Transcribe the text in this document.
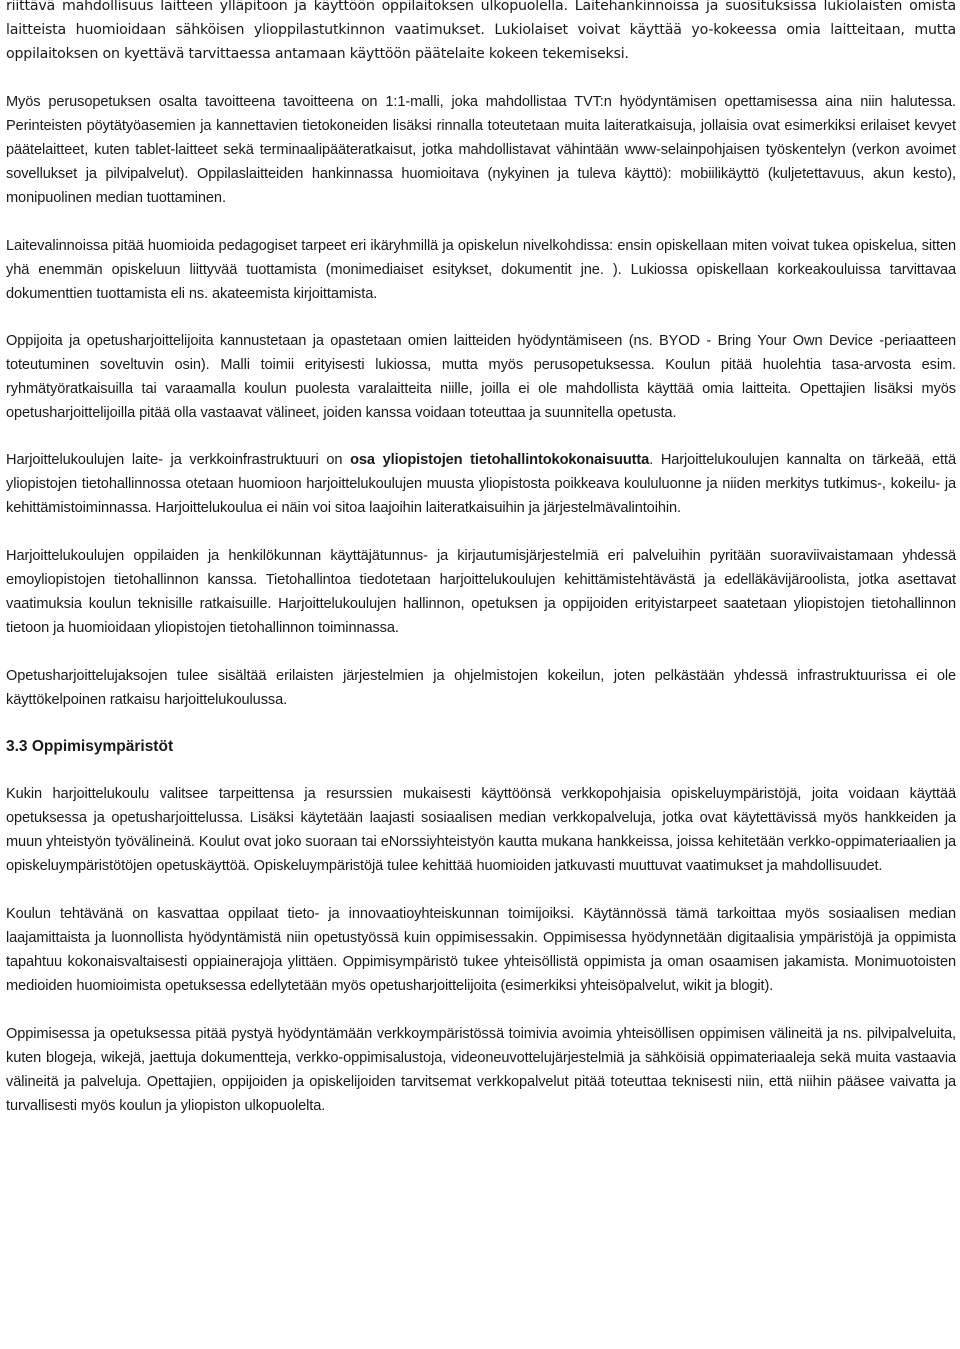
riittävä mahdollisuus laitteen ylläpitoon ja käyttöön oppilaitoksen ulkopuolella. Laitehankinnoissa ja suosituksissa lukiolaisten omista laitteista huomioidaan sähköisen ylioppilastutkinnon vaatimukset. Lukiolaiset voivat käyttää yo-kokeessa omia laitteitaan, mutta oppilaitoksen on kyettävä tarvittaessa antamaan käyttöön päätelaite kokeen tekemiseksi.

Myös perusopetuksen osalta tavoitteena tavoitteena on 1:1-malli, joka mahdollistaa TVT:n hyödyntämisen opettamisessa aina niin halutessa. Perinteisten pöytätyöasemien ja kannettavien tietokoneiden lisäksi rinnalla toteutetaan muita laiteratkaisuja, jollaisia ovat esimerkiksi erilaiset kevyet päätelaitteet, kuten tablet-laitteet sekä terminaalipääteratkaisut, jotka mahdollistavat vähintään www-selainpohjaisen työskentelyn (verkon avoimet sovellukset ja pilvipalvelut). Oppilaslaitteiden hankinnassa huomioitava (nykyinen ja tuleva käyttö): mobiilikäyttö (kuljetettavuus, akun kesto), monipuolinen median tuottaminen.

Laitevalinnoissa pitää huomioida pedagogiset tarpeet eri ikäryhmillä ja opiskelun nivelkohdissa: ensin opiskellaan miten voivat tukea opiskelua, sitten yhä enemmän opiskeluun liittyvää tuottamista (monimediaiset esitykset, dokumentit jne. ). Lukiossa opiskellaan korkeakouluissa tarvittavaa dokumenttien tuottamista eli ns. akateemista kirjoittamista.

Oppijoita ja opetusharjoittelijoita kannustetaan ja opastetaan omien laitteiden hyödyntämiseen (ns. BYOD - Bring Your Own Device -periaatteen toteutuminen soveltuvin osin). Malli toimii erityisesti lukiossa, mutta myös perusopetuksessa. Koulun pitää huolehtia tasa-arvosta esim. ryhmätyöratkaisuilla tai varaamalla koulun puolesta varalaitteita niille, joilla ei ole mahdollista käyttää omia laitteita. Opettajien lisäksi myös opetusharjoittelijoilla pitää olla vastaavat välineet, joiden kanssa voidaan toteuttaa ja suunnitella opetusta.

Harjoittelukoulujen laite- ja verkkoinfrastruktuuri on osa yliopistojen tietohallintokokonaisuutta. Harjoittelukoulujen kannalta on tärkeää, että yliopistojen tietohallinnossa otetaan huomioon harjoittelukoulujen muusta yliopistosta poikkeava koululuonne ja niiden merkitys tutkimus-, kokeilu- ja kehittämistoiminnassa. Harjoittelukoulua ei näin voi sitoa laajoihin laiteratkaisuihin ja järjestelmävalintoihin.

Harjoittelukoulujen oppilaiden ja henkilökunnan käyttäjätunnus- ja kirjautumisjärjestelmiä eri palveluihin pyritään suoraviivaistamaan yhdessä emoyliopistojen tietohallinnon kanssa. Tietohallintoa tiedotetaan harjoittelukoulujen kehittämistehtävästä ja edelläkävijäroolista, jotka asettavat vaatimuksia koulun teknisille ratkaisuille. Harjoittelukoulujen hallinnon, opetuksen ja oppijoiden erityistarpeet saatetaan yliopistojen tietohallinnon tietoon ja huomioidaan yliopistojen tietohallinnon toiminnassa.

Opetusharjoittelujaksojen tulee sisältää erilaisten järjestelmien ja ohjelmistojen kokeilun, joten pelkästään yhdessä infrastruktuurissa ei ole käyttökelpoinen ratkaisu harjoittelukoulussa.

3.3 Oppimisympäristöt

Kukin harjoittelukoulu valitsee tarpeittensa ja resurssien mukaisesti käyttöönsä verkkopohjaisia opiskeluympäristöjä, joita voidaan käyttää opetuksessa ja opetusharjoittelussa. Lisäksi käytetään laajasti sosiaalisen median verkkopalveluja, jotka ovat käytettävissä myös hankkeiden ja muun yhteistyön työvälineinä. Koulut ovat joko suoraan tai eNorssiyhteistyön kautta mukana hankkeissa, joissa kehitetään verkko-oppimateriaalien ja opiskeluympäristötöjen opetuskäyttöä. Opiskeluympäristöjä tulee kehittää huomioiden jatkuvasti muuttuvat vaatimukset ja mahdollisuudet.

Koulun tehtävänä on kasvattaa oppilaat tieto- ja innovaatioyhteiskunnan toimijoiksi. Käytännössä tämä tarkoittaa myös sosiaalisen median laajamittaista ja luonnollista hyödyntämistä niin opetustyössä kuin oppimisessakin. Oppimisessa hyödynnetään digitaalisia ympäristöjä ja oppimista tapahtuu kokonaisvaltaisesti oppiainerajoja ylittäen. Oppimisympäristö tukee yhteisöllistä oppimista ja oman osaamisen jakamista. Monimuotoisten medioiden huomioimista opetuksessa edellytetään myös opetusharjoittelijoita (esimerkiksi yhteisöpalvelut, wikit ja blogit).

Oppimisessa ja opetuksessa pitää pystyä hyödyntämään verkkoympäristössä toimivia avoimia yhteisöllisen oppimisen välineitä ja ns. pilvipalveluita, kuten blogeja, wikejä, jaettuja dokumentteja, verkko-oppimisalustoja, videoneuvottelujärjestelmiä ja sähköisiä oppimateriaaleja sekä muita vastaavia välineitä ja palveluja. Opettajien, oppijoiden ja opiskelijoiden tarvitsemat verkkopalvelut pitää toteuttaa teknisesti niin, että niihin pääsee vaivatta ja turvallisesti myös koulun ja yliopiston ulkopuolelta.
